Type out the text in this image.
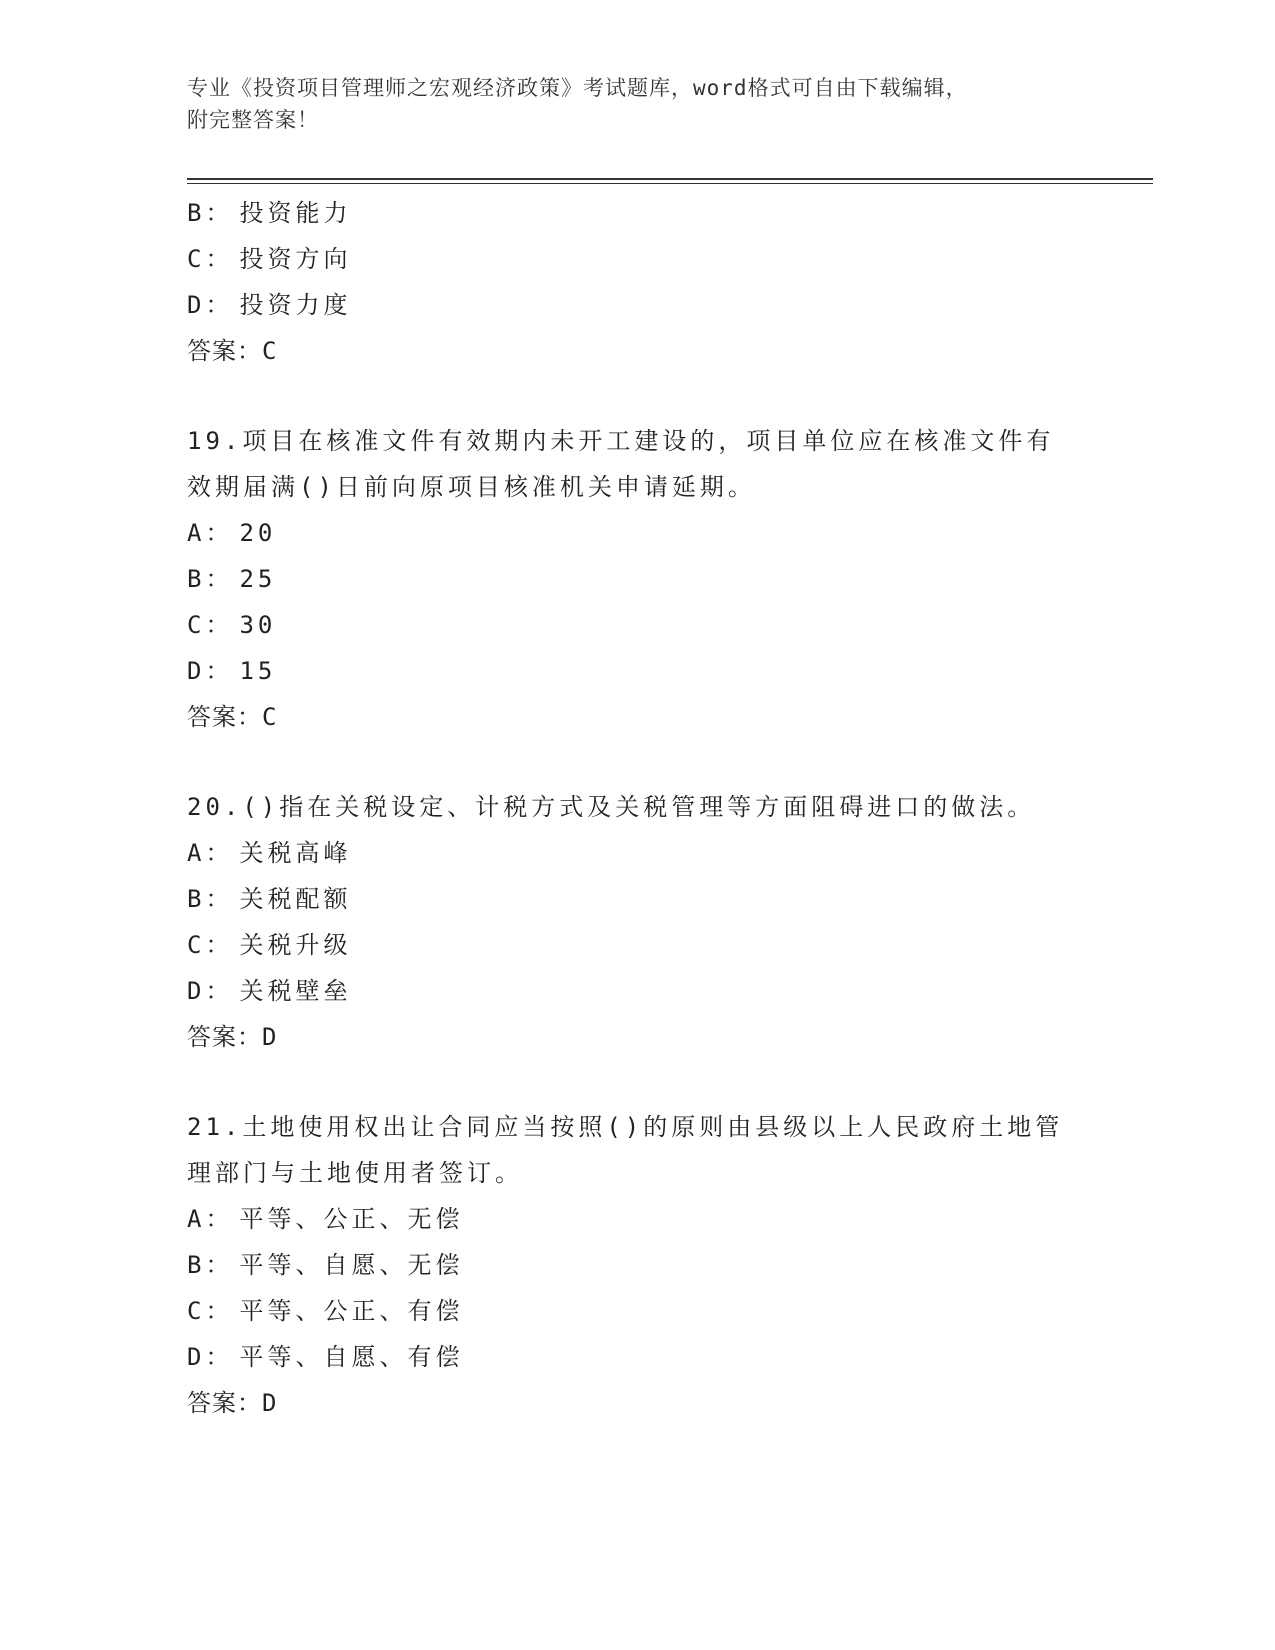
专业《投资项目管理师之宏观经济政策》考试题库，word格式可自由下载编辑，
附完整答案！
B： 投资能力
C： 投资方向
D： 投资力度
答案：C
19.项目在核准文件有效期内未开工建设的，项目单位应在核准文件有
效期届满()日前向原项目核准机关申请延期。
A： 20
B： 25
C： 30
D： 15
答案：C
20.()指在关税设定、计税方式及关税管理等方面阻碍进口的做法。
A： 关税高峰
B： 关税配额
C： 关税升级
D： 关税壁垒
答案：D
21.土地使用权出让合同应当按照()的原则由县级以上人民政府土地管
理部门与土地使用者签订。
A： 平等、公正、无偿
B： 平等、自愿、无偿
C： 平等、公正、有偿
D： 平等、自愿、有偿
答案：D
